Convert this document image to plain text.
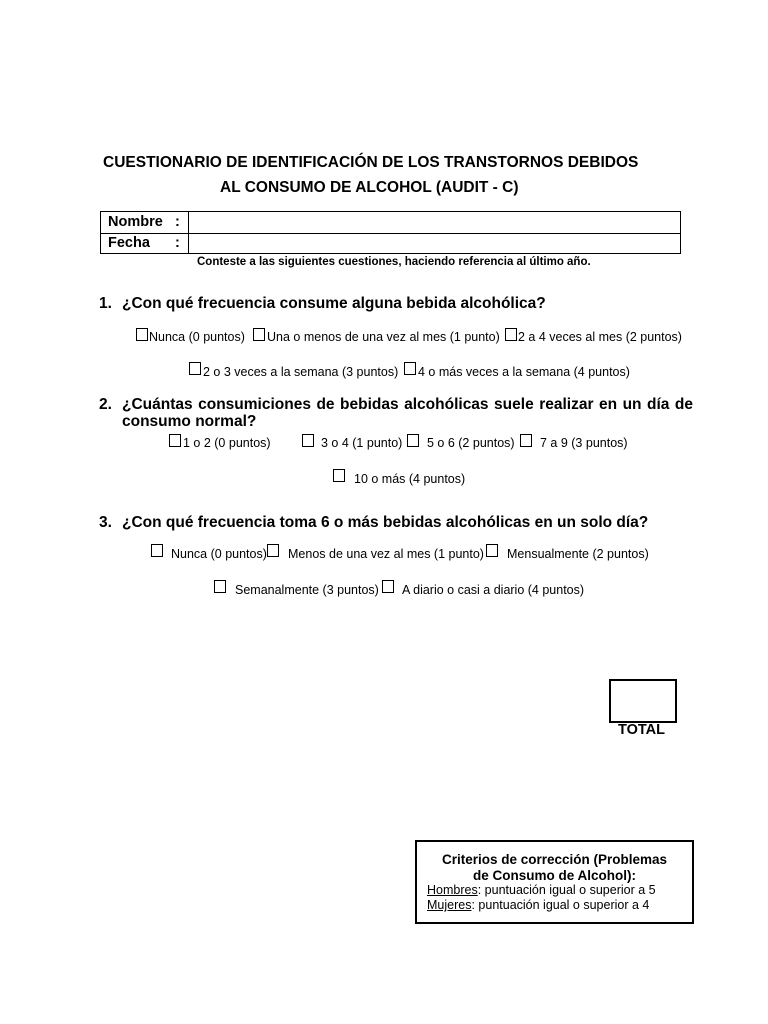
CUESTIONARIO DE IDENTIFICACIÓN DE LOS TRANSTORNOS DEBIDOS
AL CONSUMO DE ALCOHOL (AUDIT - C)
Nombre :
Fecha :
Conteste a las siguientes cuestiones, haciendo referencia al último año.
1. ¿Con qué frecuencia consume alguna bebida alcohólica?
Nunca (0 puntos) Una o menos de una vez al mes (1 punto) 2 a 4 veces al mes (2 puntos)
2 o 3 veces a la semana (3 puntos) 4 o más veces a la semana (4 puntos)
2. ¿Cuántas consumiciones de bebidas alcohólicas suele realizar en un día de
consumo normal?
1 o 2 (0 puntos)	3 o 4 (1 punto) 5 o 6 (2 puntos) 7 a 9 (3 puntos)
10 o más (4 puntos)
3. ¿Con qué frecuencia toma 6 o más bebidas alcohólicas en un solo día?
Nunca (0 puntos) Menos de una vez al mes (1 punto) Mensualmente (2 puntos)
Semanalmente (3 puntos) A diario o casi a diario (4 puntos)
TOTAL
Criterios de corrección (Problemas
de Consumo de Alcohol):
Hombres: puntuación igual o superior a 5
Mujeres: puntuación igual o superior a 4
